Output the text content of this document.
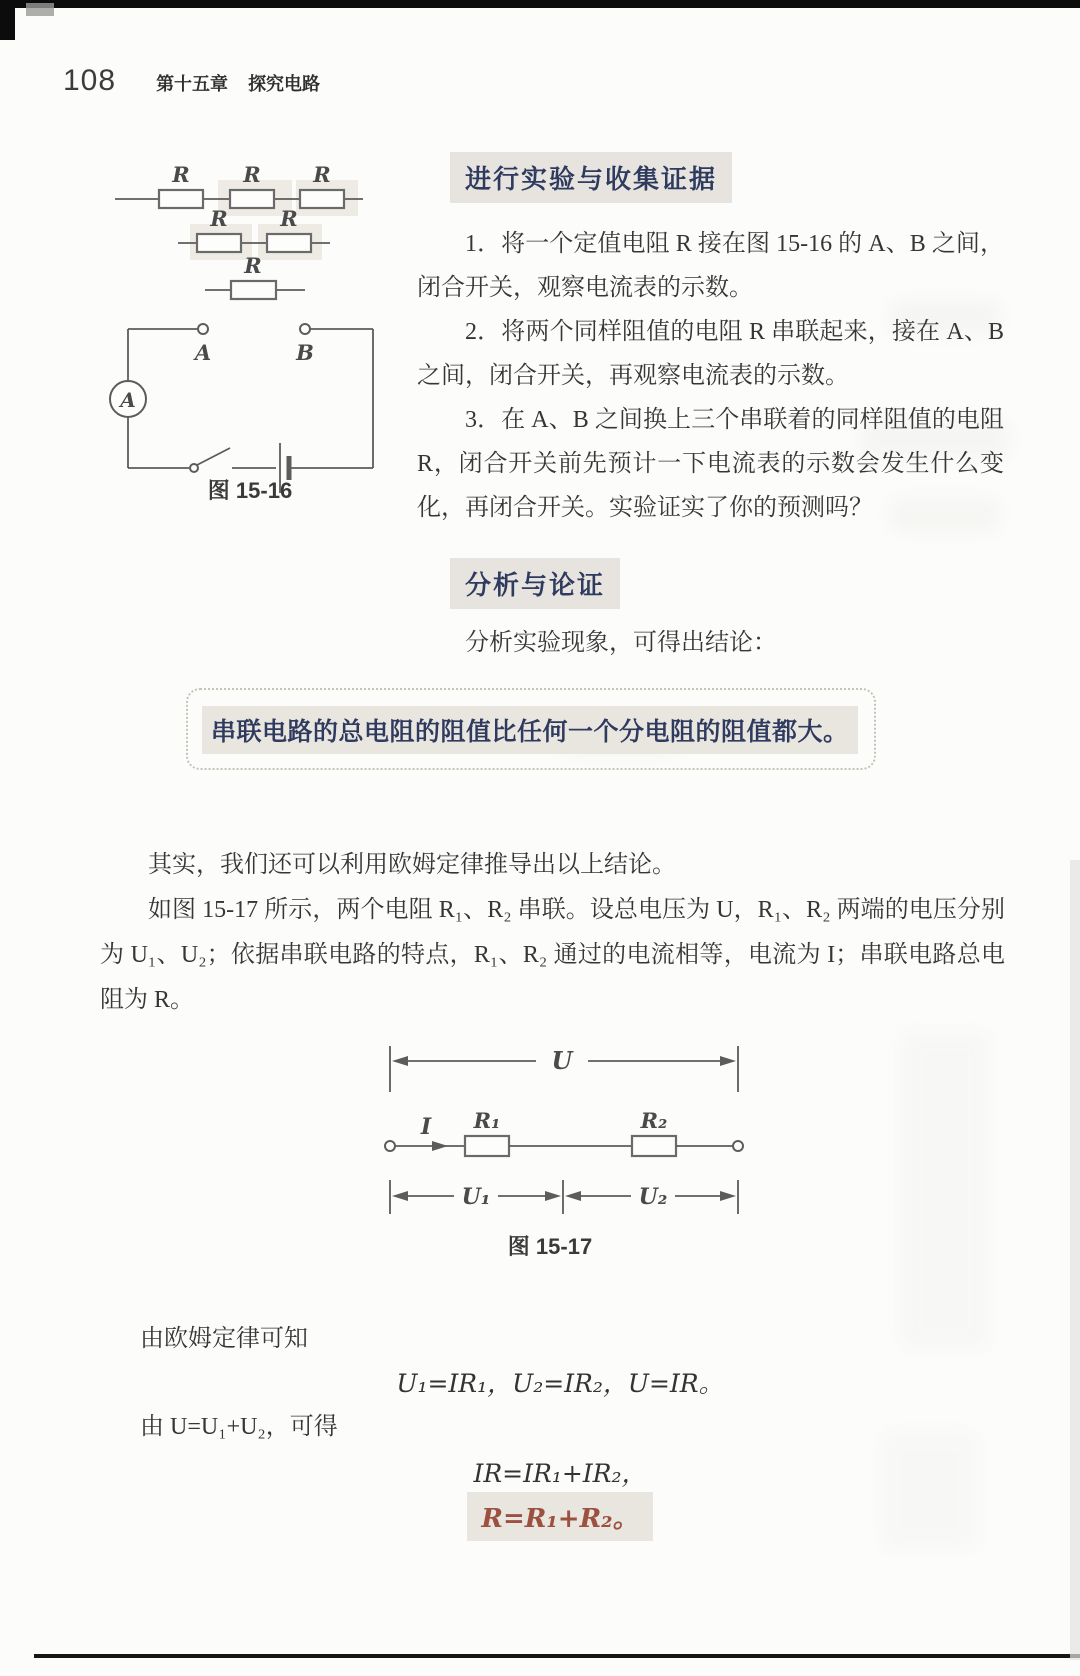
108 第十五章 探究电路
R	R	R
R	R
R
A	B
A
图 15-16
进行实验与收集证据

1．将一个定值电阻 R 接在图 15-16 的 A、B 之间，闭合开关，观察电流表的示数。

2．将两个同样阻值的电阻 R 串联起来，接在 A、B 之间，闭合开关，再观察电流表的示数。

3．在 A、B 之间换上三个串联着的同样阻值的电阻 R，闭合开关前先预计一下电流表的示数会发生什么变化，再闭合开关。实验证实了你的预测吗？

分析与论证
分析实验现象，可得出结论：
串联电路的总电阻的阻值比任何一个分电阻的阻值都大。

其实，我们还可以利用欧姆定律推导出以上结论。

如图 15-17 所示，两个电阻 R₁、R₂ 串联。设总电压为 U，R₁、R₂ 两端的电压分别为 U₁、U₂；依据串联电路的特点，R₁、R₂ 通过的电流相等，电流为 I；串联电路总电阻为 R。

U
I R₁	R₂
U₁	U₂
图 15-17
由欧姆定律可知
U₁=IR₁，U₂=IR₂，U=IR。
由 U=U₁+U₂，可得
IR=IR₁+IR₂，
R=R₁+R₂。
